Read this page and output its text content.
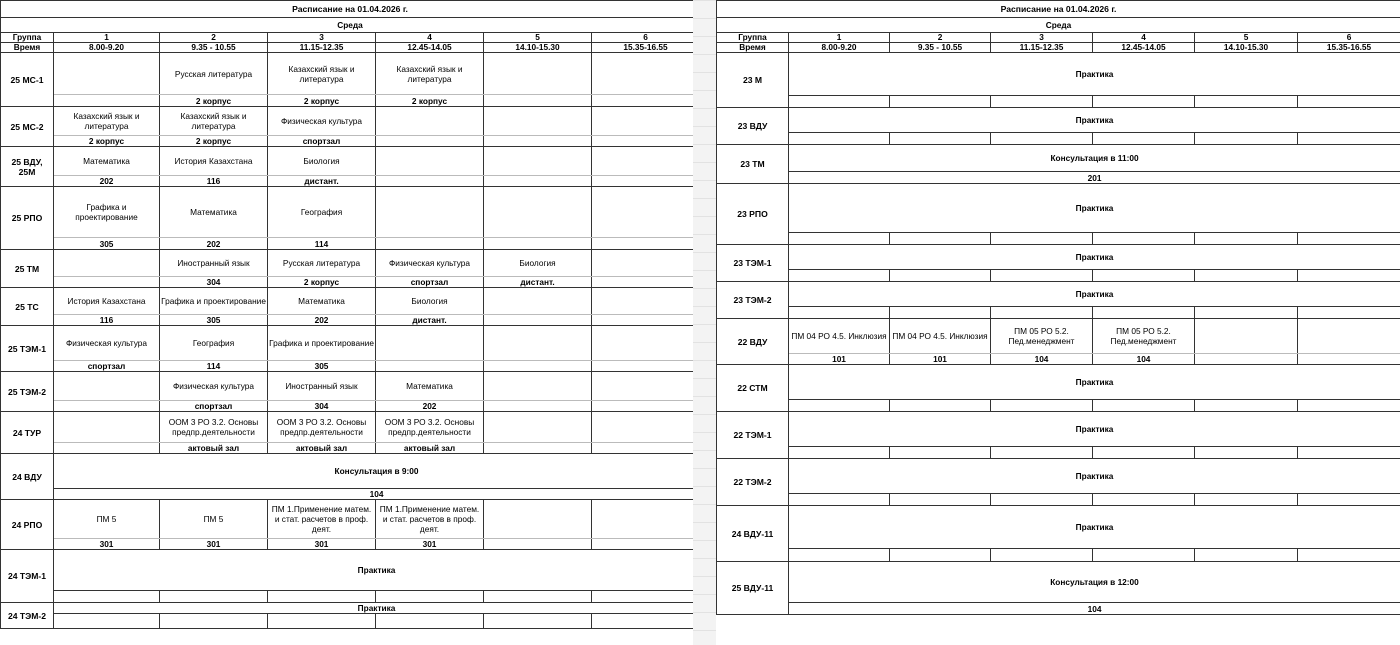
Расписание на 01.04.2026 г.						
Среда						
Группа	1	2	3	4	5	6
Время	8.00-9.20	9.35 - 10.55	11.15-12.35	12.45-14.05	14.10-15.30	15.35-16.55
25 МС-1		Русская литература	Казахский язык и литература	Казахский язык и литература		
		2 корпус	2 корпус	2 корпус		
25 МС-2	Казахский язык и литература	Казахский язык и литература	Физическая культура			
	2 корпус	2 корпус	спортзал			
25 ВДУ, 25М	Математика	История Казахстана	Биология			
	202	116	дистант.			
25 РПО	Графика и проектирование	Математика	География			
	305	202	114			
25 ТМ		Иностранный язык	Русская литература	Физическая культура	Биология	
		304	2 корпус	спортзал	дистант.	
25 ТС	История Казахстана	Графика и проектирование	Математика	Биология		
	116	305	202	дистант.		
25 ТЭМ-1	Физическая культура	География	Графика и проектирование			
	спортзал	114	305			
25 ТЭМ-2		Физическая культура	Иностранный язык	Математика		
		спортзал	304	202		
24 ТУР		ООМ 3 РО 3.2. Основы предпр.деятельности	ООМ 3 РО 3.2. Основы предпр.деятельности	ООМ 3 РО 3.2. Основы предпр.деятельности		
		актовый зал	актовый зал	актовый зал		
24 ВДУ	Консультация в 9:00					
	104					
24 РПО	ПМ 5	ПМ 5	ПМ 1.Применение матем. и стат. расчетов в проф. деят.	ПМ 1.Применение матем. и стат. расчетов в проф. деят.		
	301	301	301	301		
24 ТЭМ-1	Практика					

24 ТЭМ-2	Практика					

Расписание на 01.04.2026 г.						
Среда						
Группа	1	2	3	4	5	6
Время	8.00-9.20	9.35 - 10.55	11.15-12.35	12.45-14.05	14.10-15.30	15.35-16.55
23 М	Практика					

23 ВДУ	Практика					

23 ТМ	Консультация в 11:00					
	201					
23 РПО	Практика					

23 ТЭМ-1	Практика					

23 ТЭМ-2	Практика					

22 ВДУ	ПМ 04 РО 4.5. Инклюзия	ПМ 04 РО 4.5. Инклюзия	ПМ 05 РО 5.2. Пед.менеджмент	ПМ 05 РО 5.2. Пед.менеджмент		
	101	101	104	104		
22 СТМ	Практика					

22 ТЭМ-1	Практика					

22 ТЭМ-2	Практика					

24 ВДУ-11	Практика					

25 ВДУ-11	Консультация в 12:00					
	104					
